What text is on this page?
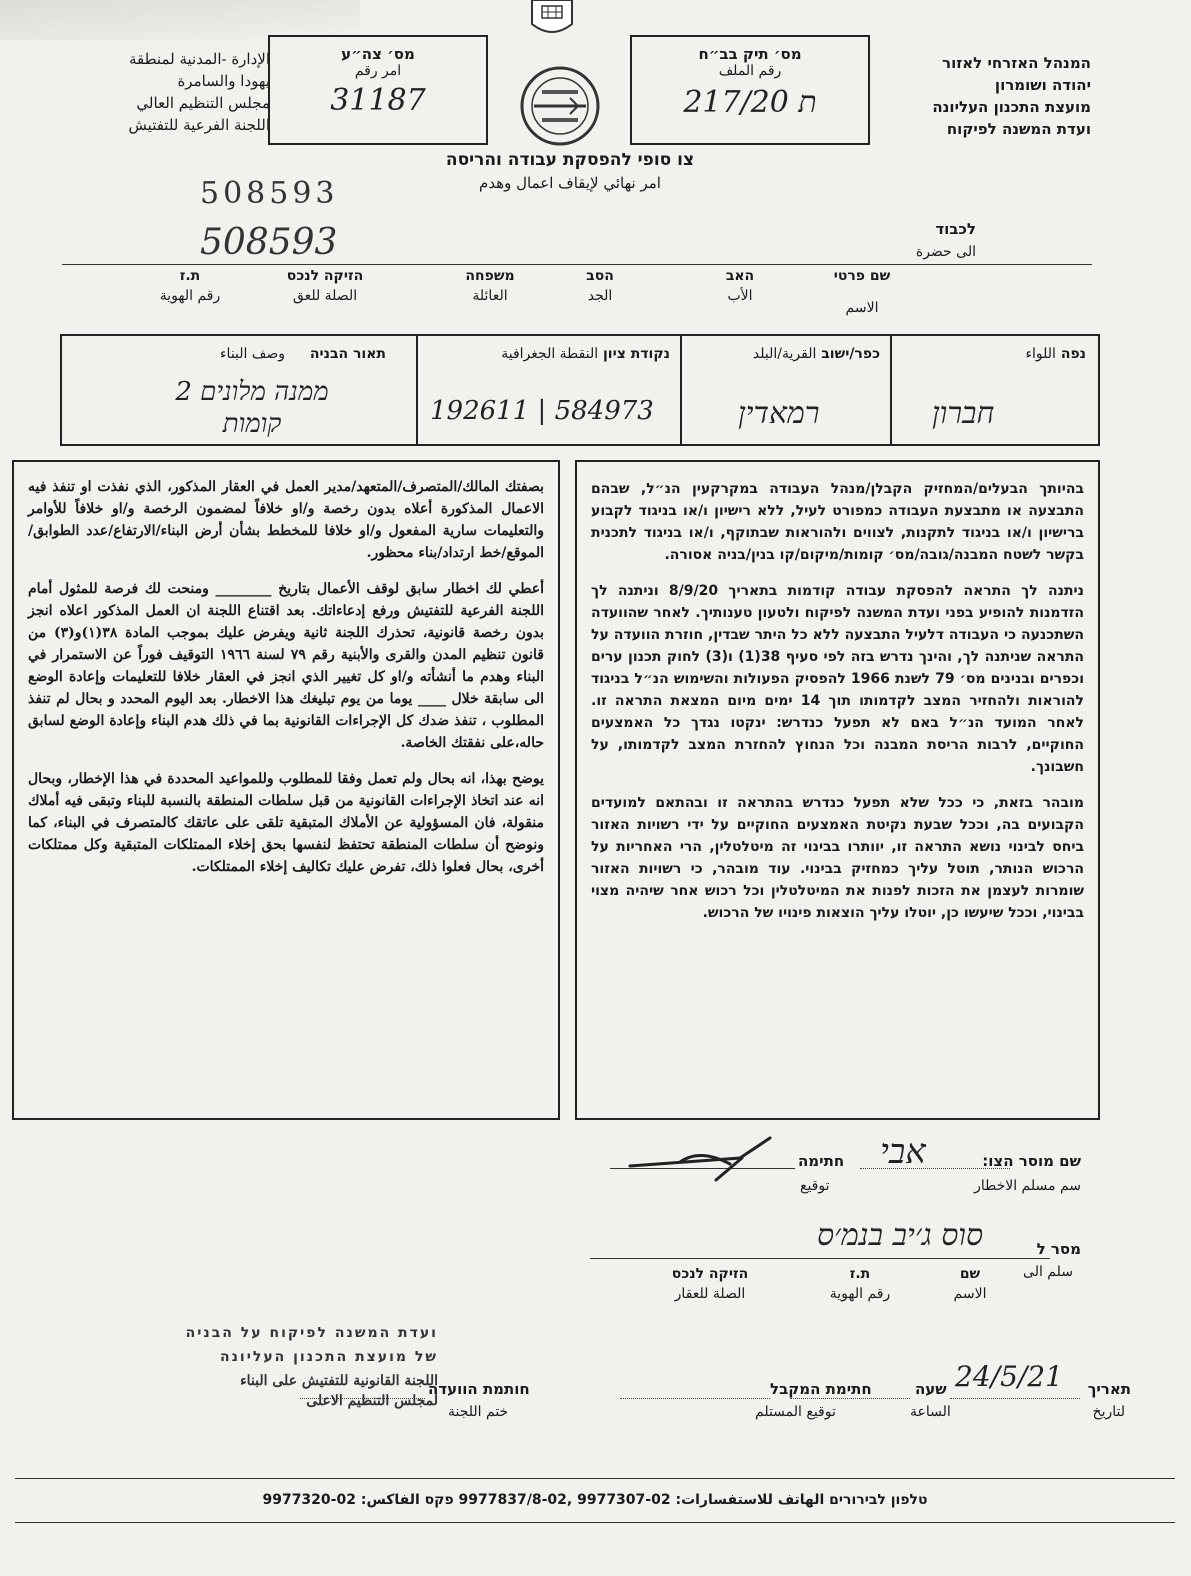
המנהל האזרחי לאזור
יהודה ושומרון
מועצת התכנון העליונה
ועדת המשנה לפיקוח
الإدارة -المدنية لمنطقة
يهودا والسامرة
مجلس التنظيم العالي
اللجنة الفرعية للتفتيش
מס׳ תיק בב״ח
رقم الملف
217/20 ת
מס׳ צה״ע
امر رقم
31187
צו סופי להפסקת עבודה והריסה
امر نهائي لإيقاف اعمال وهدم
508593
508593	לכבוד
الى حضرة
שם פרטי
الاسم
האב
الأب
הסב
الجد
משפחה
العائلة
הזיקה לנכס
الصلة للعق
ת.ז
رقم الهوية
נפה اللواء
חברון
כפר/ישוב القرية/البلد
רמאדין
נקודת ציון النقطة الجغرافية
584973 | 192611
תאור הבניה وصف البناء
ממנה מלונים 2 קומות

בהיותך הבעלים/המחזיק הקבלן/מנהל העבודה במקרקעין הנ״ל, שבהם התבצעה או מתבצעת העבודה כמפורט לעיל, ללא רישיון ו/או בניגוד לקבוע ברישיון ו/או בניגוד לתקנות, לצווים ולהוראות שבתוקף, ו/או בניגוד לתכנית בקשר לשטח המבנה/גובה/מס׳ קומות/מיקום/קו בנין/בניה אסורה.

ניתנה לך התראה להפסקת עבודה קודמות בתאריך 8/9/20 וניתנה לך הזדמנות להופיע בפני ועדת המשנה לפיקוח ולטעון טענותיך. לאחר שהוועדה השתכנעה כי העבודה דלעיל התבצעה ללא כל היתר שבדין, חוזרת הוועדה על התראה שניתנה לך, והינך נדרש בזה לפי סעיף 38(1) ו(3) לחוק תכנון ערים וכפרים ובנינים מס׳ 79 לשנת 1966 להפסיק הפעולות והשימוש הנ״ל בניגוד להוראות ולהחזיר המצב לקדמותו תוך 14 ימים מיום המצאת התראה זו. לאחר המועד הנ״ל באם לא תפעל כנדרש: ינקטו נגדך כל האמצעים החוקיים, לרבות הריסת המבנה וכל הנחוץ להחזרת המצב לקדמותו, על חשבונך.

מובהר בזאת, כי ככל שלא תפעל כנדרש בהתראה זו ובהתאם למועדים הקבועים בה, וככל שבעת נקיטת האמצעים החוקיים על ידי רשויות האזור ביחס לבינוי נושא התראה זו, יוותרו בבינוי זה מיטלטלין, הרי האחריות על הרכוש הנותר, תוטל עליך כמחזיק בבינוי. עוד מובהר, כי רשויות האזור שומרות לעצמן את הזכות לפנות את המיטלטלין וכל רכוש אחר שיהיה מצוי בבינוי, וככל שיעשו כן, יוטלו עליך הוצאות פינויו של הרכוש.

بصفتك المالك/المتصرف/المتعهد/مدير العمل في العقار المذكور، الذي نفذت او تنفذ فيه الاعمال المذكورة أعلاه بدون رخصة و/او خلافاً لمضمون الرخصة و/او خلافاً للأوامر والتعليمات سارية المفعول و/او خلافا للمخطط بشأن أرض البناء/الارتفاع/عدد الطوابق/الموقع/خط ارتداد/بناء محظور.

أعطي لك اخطار سابق لوقف الأعمال بتاريخ ________ ومنحت لك فرصة للمثول أمام اللجنة الفرعية للتفتيش ورفع إدعاءاتك. بعد اقتناع اللجنة ان العمل المذكور اعلاه انجز بدون رخصة قانونية، تحذرك اللجنة ثانية ويفرض عليك بموجب المادة ٣٨(١)و(٣) من قانون تنظيم المدن والقرى والأبنية رقم ٧٩ لسنة ١٩٦٦ التوقيف فوراً عن الاستمرار في البناء وهدم ما أنشأته و/او كل تغيير الذي انجز في العقار خلافا للتعليمات وإعادة الوضع الى سابقة خلال ____ يوما من يوم تبليغك هذا الاخطار. بعد اليوم المحدد و بحال لم تنفذ المطلوب ، تنفذ ضدك كل الإجراءات القانونية بما في ذلك هدم البناء وإعادة الوضع لسابق حاله،على نفقتك الخاصة.

يوضح بهذا، انه بحال ولم تعمل وفقا للمطلوب وللمواعيد المحددة في هذا الإخطار، وبحال انه عند اتخاذ الإجراءات القانونية من قبل سلطات المنطقة بالنسبة للبناء وتبقى فيه أملاك منقولة، فان المسؤولية عن الأملاك المتبقية تلقى على عاتقك كالمتصرف في البناء، كما ونوضح أن سلطات المنطقة تحتفظ لنفسها بحق إخلاء الممتلكات المتبقية وكل ممتلكات أخرى، بحال فعلوا ذلك، تفرض عليك تكاليف إخلاء الممتلكات.

שם מוסר הצו:
سم مسلم الاخطار
אבי
חתימה
توقيع
מסר ל
سلم الى
סוס ג׳יב בנמ׳ס
שם
الاسم
ת.ז
رقم الهوية
הזיקה לנכס
الصلة للعقار
תאריך
لتاريخ
24/5/21
שעה
الساعة
חתימת המקבל
توقيع المستلم
חותמת הוועדה
ختم اللجنة
ועדת המשנה לפיקוח על הבניה
של מועצת התכנון העליונה
اللجنة القانونية للتفتيش على البناء
لمجلس التنظيم الاعلى
טלפון לבירורים الهاتف للاستفسارات: 02-9977307 ,02-9977837/8 פקס الفاكس: 02-9977320
